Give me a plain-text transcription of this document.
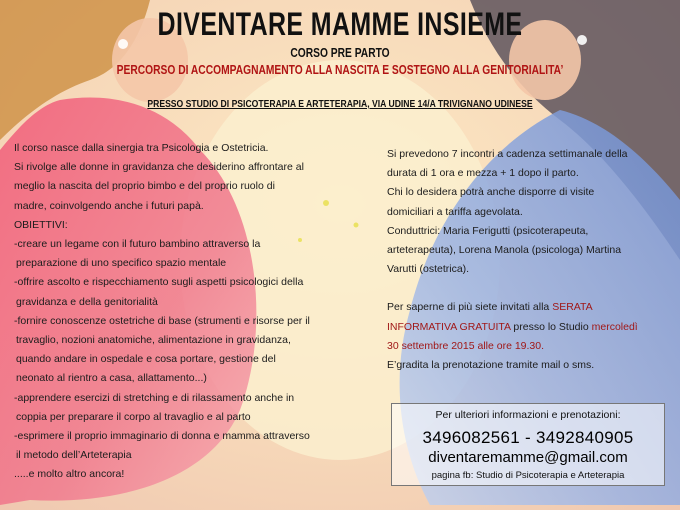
DIVENTARE MAMME INSIEME
CORSO PRE PARTO
PERCORSO DI ACCOMPAGNAMENTO ALLA NASCITA E SOSTEGNO ALLA GENITORIALITA’
PRESSO STUDIO DI PSICOTERAPIA E ARTETERAPIA, VIA UDINE 14/A TRIVIGNANO UDINESE
Il corso nasce dalla sinergia tra Psicologia e Ostetricia.
Si rivolge alle donne in gravidanza che desiderino affrontare al
meglio la nascita del proprio bimbo e del proprio ruolo di
madre, coinvolgendo anche i futuri papà.
OBIETTIVI:
-creare un legame con il futuro bambino attraverso la
preparazione di uno specifico spazio mentale
-offrire ascolto e rispecchiamento sugli aspetti psicologici della
gravidanza e della genitorialità
-fornire conoscenze ostetriche di base (strumenti e risorse per il
travaglio, nozioni anatomiche, alimentazione in gravidanza,
quando andare in ospedale e cosa portare, gestione del
neonato al rientro a casa, allattamento...)
-apprendere esercizi di stretching e di rilassamento anche in
coppia per preparare il corpo al travaglio e al parto
-esprimere il proprio immaginario di donna e mamma attraverso
il metodo dell’Arteterapia
.....e molto altro ancora!
Si prevedono 7 incontri a cadenza settimanale della
durata di 1 ora e mezza + 1 dopo il parto.
Chi lo desidera potrà anche disporre di visite
domiciliari a tariffa agevolata.
Conduttrici: Maria Ferigutti (psicoterapeuta,
arteterapeuta), Lorena Manola (psicologa) Martina
Varutti (ostetrica).
Per saperne di più siete invitati alla SERATA
INFORMATIVA GRATUITA presso lo Studio mercoledì
30 settembre 2015 alle ore 19.30.
E’gradita la prenotazione tramite mail o sms.
Per ulteriori informazioni e prenotazioni:
3496082561 - 3492840905
diventaremamme@gmail.com
pagina fb: Studio di Psicoterapia e Arteterapia
